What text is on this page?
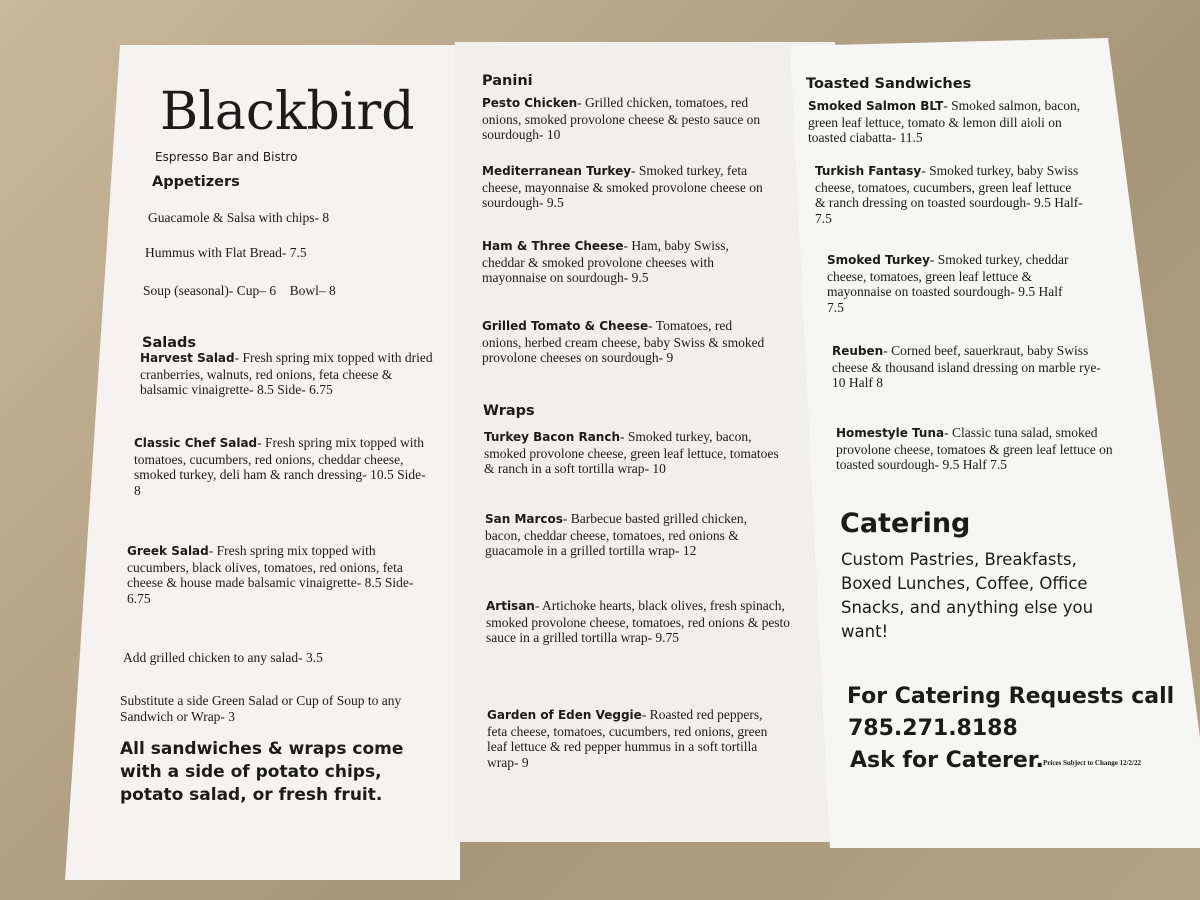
Blackbird
Espresso Bar and Bistro
Appetizers
Guacamole & Salsa with chips- 8
Hummus with Flat Bread- 7.5
Soup (seasonal)- Cup– 6    Bowl– 8
Salads
Harvest Salad- Fresh spring mix topped with dried cranberries, walnuts, red onions, feta cheese & balsamic vinaigrette- 8.5 Side- 6.75
Classic Chef Salad- Fresh spring mix topped with tomatoes, cucumbers, red onions, cheddar cheese, smoked turkey, deli ham & ranch dressing- 10.5 Side- 8
Greek Salad- Fresh spring mix topped with cucumbers, black olives, tomatoes, red onions, feta cheese & house made balsamic vinaigrette- 8.5 Side- 6.75
Add grilled chicken to any salad- 3.5
Substitute a side Green Salad or Cup of Soup to any Sandwich or Wrap- 3
All sandwiches & wraps come with a side of potato chips, potato salad, or fresh fruit.
Panini
Pesto Chicken- Grilled chicken, tomatoes, red onions, smoked provolone cheese & pesto sauce on sourdough- 10
Mediterranean Turkey- Smoked turkey, feta cheese, mayonnaise & smoked provolone cheese on sourdough- 9.5
Ham & Three Cheese- Ham, baby Swiss, cheddar & smoked provolone cheeses with mayonnaise on sourdough- 9.5
Grilled Tomato & Cheese- Tomatoes, red onions, herbed cream cheese, baby Swiss & smoked provolone cheeses on sourdough- 9
Wraps
Turkey Bacon Ranch- Smoked turkey, bacon, smoked provolone cheese, green leaf lettuce, tomatoes & ranch in a soft tortilla wrap- 10
San Marcos- Barbecue basted grilled chicken, bacon, cheddar cheese, tomatoes, red onions & guacamole in a grilled tortilla wrap- 12
Artisan- Artichoke hearts, black olives, fresh spinach, smoked provolone cheese, tomatoes, red onions & pesto sauce in a grilled tortilla wrap- 9.75
Garden of Eden Veggie- Roasted red peppers, feta cheese, tomatoes, cucumbers, red onions, green leaf lettuce & red pepper hummus in a soft tortilla wrap- 9
Toasted Sandwiches
Smoked Salmon BLT- Smoked salmon, bacon, green leaf lettuce, tomato & lemon dill aioli on toasted ciabatta- 11.5
Turkish Fantasy- Smoked turkey, baby Swiss cheese, tomatoes, cucumbers, green leaf lettuce & ranch dressing on toasted sourdough- 9.5 Half- 7.5
Smoked Turkey- Smoked turkey, cheddar cheese, tomatoes, green leaf lettuce & mayonnaise on toasted sourdough- 9.5 Half 7.5
Reuben- Corned beef, sauerkraut, baby Swiss cheese & thousand island dressing on marble rye- 10 Half 8
Homestyle Tuna- Classic tuna salad, smoked provolone cheese, tomatoes & green leaf lettuce on toasted sourdough- 9.5 Half 7.5
Catering
Custom Pastries, Breakfasts, Boxed Lunches, Coffee, Office Snacks, and anything else you want!
For Catering Requests call
785.271.8188
Ask for Caterer. Prices Subject to Change 12/2/22
